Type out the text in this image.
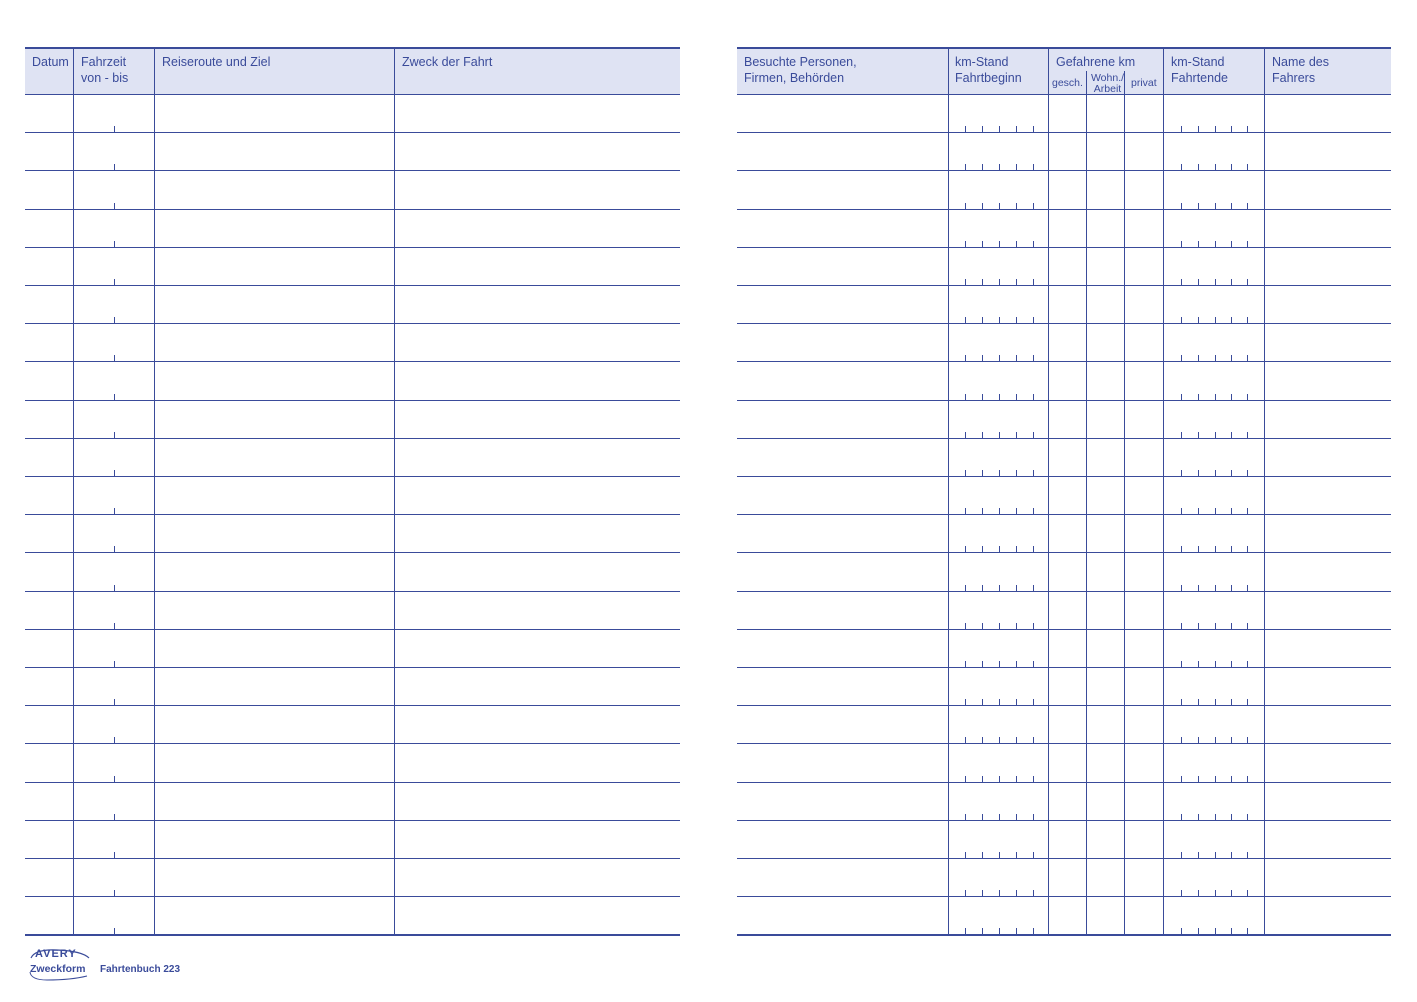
Datum Fahrzeit
von - bis
Reiseroute und Ziel	Zweck der Fahrt	Besuchte Personen,
Firmen, Behörden
km-Stand
Fahrtbeginn
Gefahrene km
gesch. Wohn./
Arbeit privat
km-Stand
Fahrtende
Name des
Fahrers
AVERY
Zweckform Fahrtenbuch 223
